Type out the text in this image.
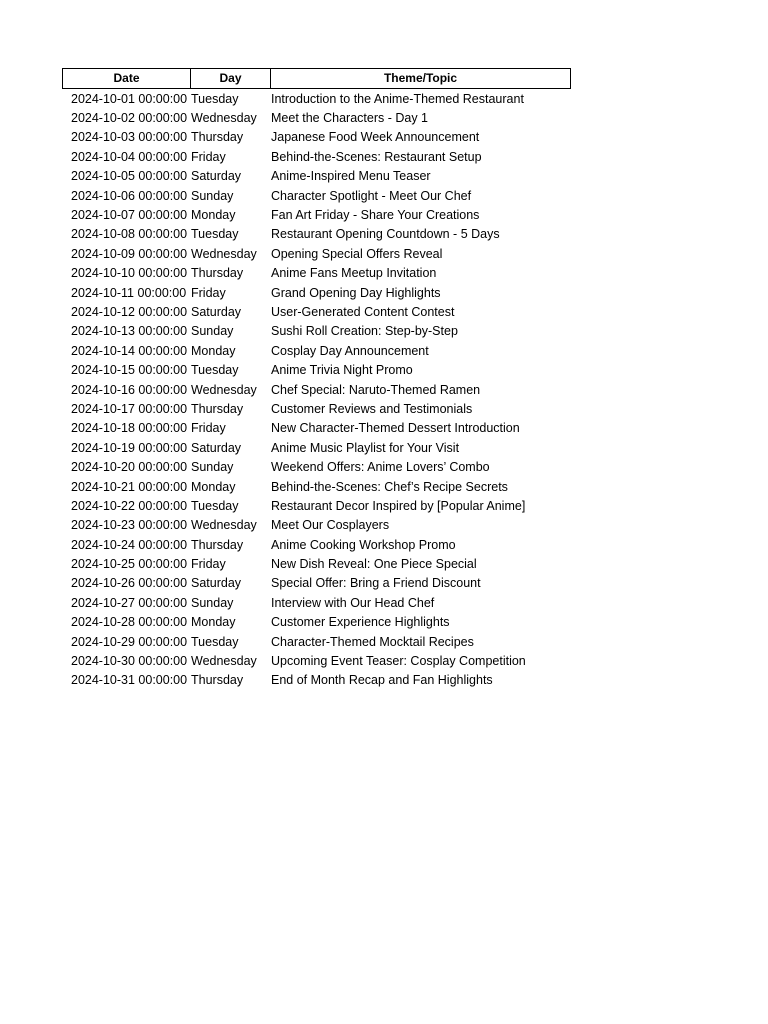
Date	Day	Theme/Topic
2024-10-01 00:00:00 Tuesday	Introduction to the Anime-Themed Restaurant
2024-10-02 00:00:00 Wednesday	Meet the Characters - Day 1
2024-10-03 00:00:00 Thursday	Japanese Food Week Announcement
2024-10-04 00:00:00 Friday	Behind-the-Scenes: Restaurant Setup
2024-10-05 00:00:00 Saturday	Anime-Inspired Menu Teaser
2024-10-06 00:00:00 Sunday	Character Spotlight - Meet Our Chef
2024-10-07 00:00:00 Monday	Fan Art Friday - Share Your Creations
2024-10-08 00:00:00 Tuesday	Restaurant Opening Countdown - 5 Days
2024-10-09 00:00:00 Wednesday	Opening Special Offers Reveal
2024-10-10 00:00:00 Thursday	Anime Fans Meetup Invitation
2024-10-11 00:00:00 Friday	Grand Opening Day Highlights
2024-10-12 00:00:00 Saturday	User-Generated Content Contest
2024-10-13 00:00:00 Sunday	Sushi Roll Creation: Step-by-Step
2024-10-14 00:00:00 Monday	Cosplay Day Announcement
2024-10-15 00:00:00 Tuesday	Anime Trivia Night Promo
2024-10-16 00:00:00 Wednesday	Chef Special: Naruto-Themed Ramen
2024-10-17 00:00:00 Thursday	Customer Reviews and Testimonials
2024-10-18 00:00:00 Friday	New Character-Themed Dessert Introduction
2024-10-19 00:00:00 Saturday	Anime Music Playlist for Your Visit
2024-10-20 00:00:00 Sunday	Weekend Offers: Anime Lovers’ Combo
2024-10-21 00:00:00 Monday	Behind-the-Scenes: Chef’s Recipe Secrets
2024-10-22 00:00:00 Tuesday	Restaurant Decor Inspired by [Popular Anime]
2024-10-23 00:00:00 Wednesday	Meet Our Cosplayers
2024-10-24 00:00:00 Thursday	Anime Cooking Workshop Promo
2024-10-25 00:00:00 Friday	New Dish Reveal: One Piece Special
2024-10-26 00:00:00 Saturday	Special Offer: Bring a Friend Discount
2024-10-27 00:00:00 Sunday	Interview with Our Head Chef
2024-10-28 00:00:00 Monday	Customer Experience Highlights
2024-10-29 00:00:00 Tuesday	Character-Themed Mocktail Recipes
2024-10-30 00:00:00 Wednesday	Upcoming Event Teaser: Cosplay Competition
2024-10-31 00:00:00 Thursday	End of Month Recap and Fan Highlights
